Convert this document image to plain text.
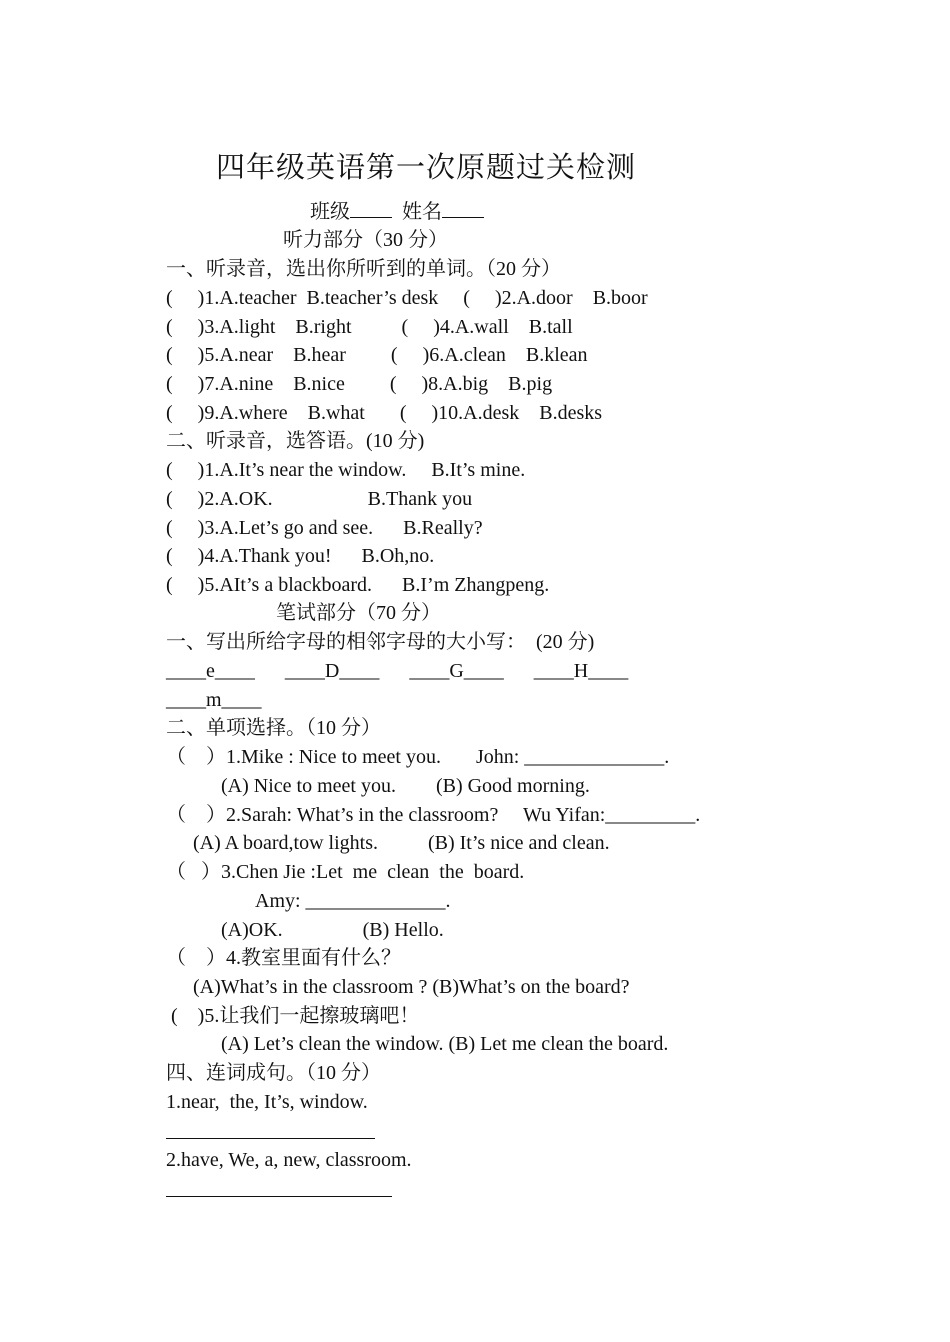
四年级英语第一次原题过关检测
班级	姓名
听力部分（30 分）
一、听录音，选出你所听到的单词。（20 分）
(     )1.A.teacher  B.teacher’s desk     (     )2.A.door    B.boor
(     )3.A.light    B.right          (     )4.A.wall    B.tall
(     )5.A.near    B.hear         (     )6.A.clean    B.klean
(     )7.A.nine    B.nice         (     )8.A.big    B.pig
(     )9.A.where    B.what       (     )10.A.desk    B.desks
二、听录音，选答语。(10 分)
(     )1.A.It’s near the window.     B.It’s mine.
(     )2.A.OK.                   B.Thank you
(     )3.A.Let’s go and see.      B.Really?
(     )4.A.Thank you!      B.Oh,no.
(     )5.AIt’s a blackboard.      B.I’m Zhangpeng.
笔试部分（70 分）
一、写出所给字母的相邻字母的大小写：  (20 分)
____e____      ____D____      ____G____      ____H____
____m____
二、单项选择。（10 分）
（    ）1.Mike : Nice to meet you.       John: ______________.
(A) Nice to meet you.        (B) Good morning.
（    ）2.Sarah: What’s in the classroom?     Wu Yifan:_________.
(A) A board,tow lights.          (B) It’s nice and clean.
（   ）3.Chen Jie :Let  me  clean  the  board.
Amy: ______________.
(A)OK.                (B) Hello.
（    ）4.教室里面有什么？
(A)What’s in the classroom ? (B)What’s on the board?
(    )5.让我们一起擦玻璃吧！
(A) Let’s clean the window. (B) Let me clean the board.
四、连词成句。（10 分）
1.near,  the, It’s, window.
2.have, We, a, new, classroom.
